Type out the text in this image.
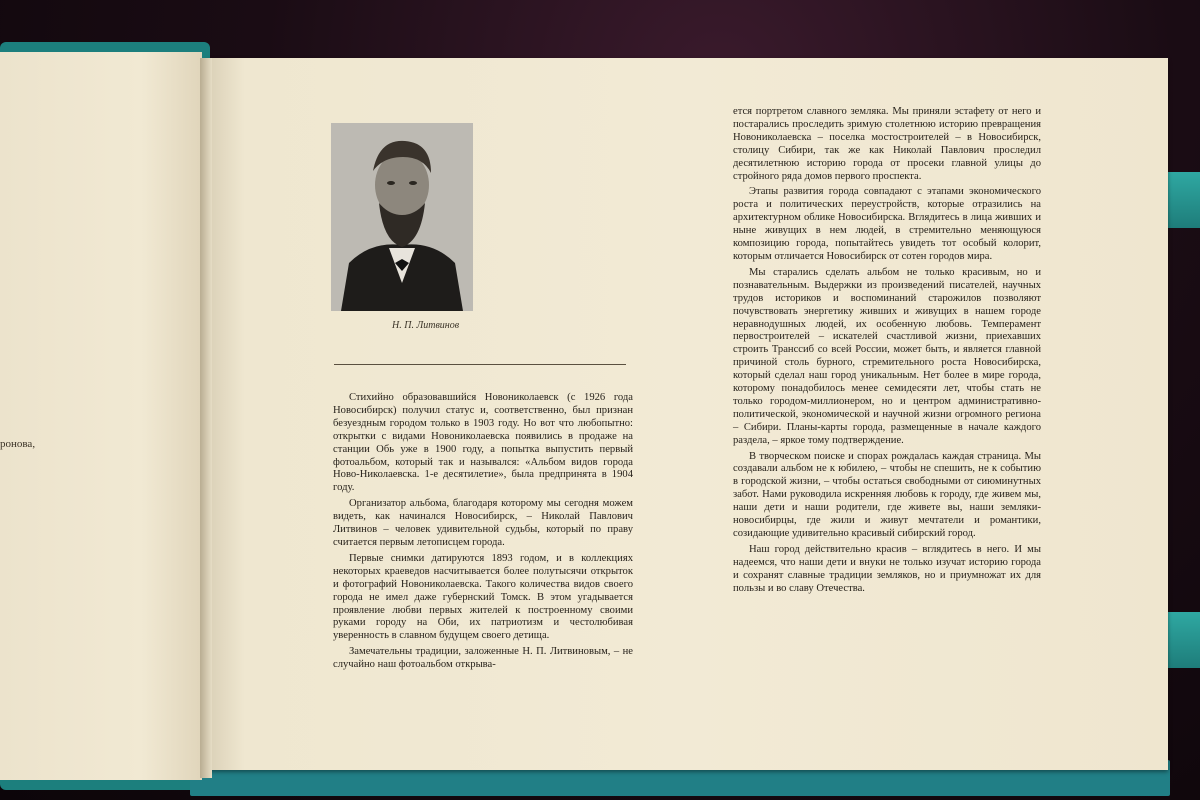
ронова,
Н. П. Литвинов

Стихийно образовавшийся Новониколаевск (с 1926 года Новосибирск) получил статус и, соответственно, был признан безуездным городом только в 1903 году. Но вот что любопытно: открытки с видами Новониколаевска появились в продаже на станции Обь уже в 1900 году, а попытка выпустить первый фотоальбом, который так и назывался: «Альбом видов города Ново-Николаевска. 1-е десятилетие», была предпринята в 1904 году.

Организатор альбома, благодаря которому мы сегодня можем видеть, как начинался Новосибирск, – Николай Павлович Литвинов – человек удивительной судьбы, который по праву считается первым летописцем города.

Первые снимки датируются 1893 годом, и в коллекциях некоторых краеведов насчитывается более полутысячи открыток и фотографий Новониколаевска. Такого количества видов своего города не имел даже губернский Томск. В этом угадывается проявление любви первых жителей к построенному своими руками городу на Оби, их патриотизм и честолюбивая уверенность в славном будущем своего детища.

Замечательны традиции, заложенные Н. П. Литвиновым, – не случайно наш фотоальбом открыва-

ется портретом славного земляка. Мы приняли эстафету от него и постарались проследить зримую столетнюю историю превращения Новониколаевска – поселка мостостроителей – в Новосибирск, столицу Сибири, так же как Николай Павлович проследил десятилетнюю историю города от просеки главной улицы до стройного ряда домов первого проспекта.

Этапы развития города совпадают с этапами экономического роста и политических переустройств, которые отразились на архитектурном облике Новосибирска. Вглядитесь в лица живших и ныне живущих в нем людей, в стремительно меняющуюся композицию города, попытайтесь увидеть тот особый колорит, которым отличается Новосибирск от сотен городов мира.

Мы старались сделать альбом не только красивым, но и познавательным. Выдержки из произведений писателей, научных трудов историков и воспоминаний старожилов позволяют почувствовать энергетику живших и живущих в нашем городе неравнодушных людей, их особенную любовь. Темперамент первостроителей – искателей счастливой жизни, приехавших строить Транссиб со всей России, может быть, и является главной причиной столь бурного, стремительного роста Новосибирска, который сделал наш город уникальным. Нет более в мире города, которому понадобилось менее семидесяти лет, чтобы стать не только городом-миллионером, но и центром административно-политической, экономической и научной жизни огромного региона – Сибири. Планы-карты города, размещенные в начале каждого раздела, – яркое тому подтверждение.

В творческом поиске и спорах рождалась каждая страница. Мы создавали альбом не к юбилею, – чтобы не спешить, не к событию в городской жизни, – чтобы остаться свободными от сиюминутных забот. Нами руководила искренняя любовь к городу, где живем мы, наши дети и наши родители, где живете вы, наши земляки-новосибирцы, где жили и живут мечтатели и романтики, созидающие удивительно красивый сибирский город.

Наш город действительно красив – вглядитесь в него. И мы надеемся, что наши дети и внуки не только изучат историю города и сохранят славные традиции земляков, но и приумножат их для пользы и во славу Отечества.
